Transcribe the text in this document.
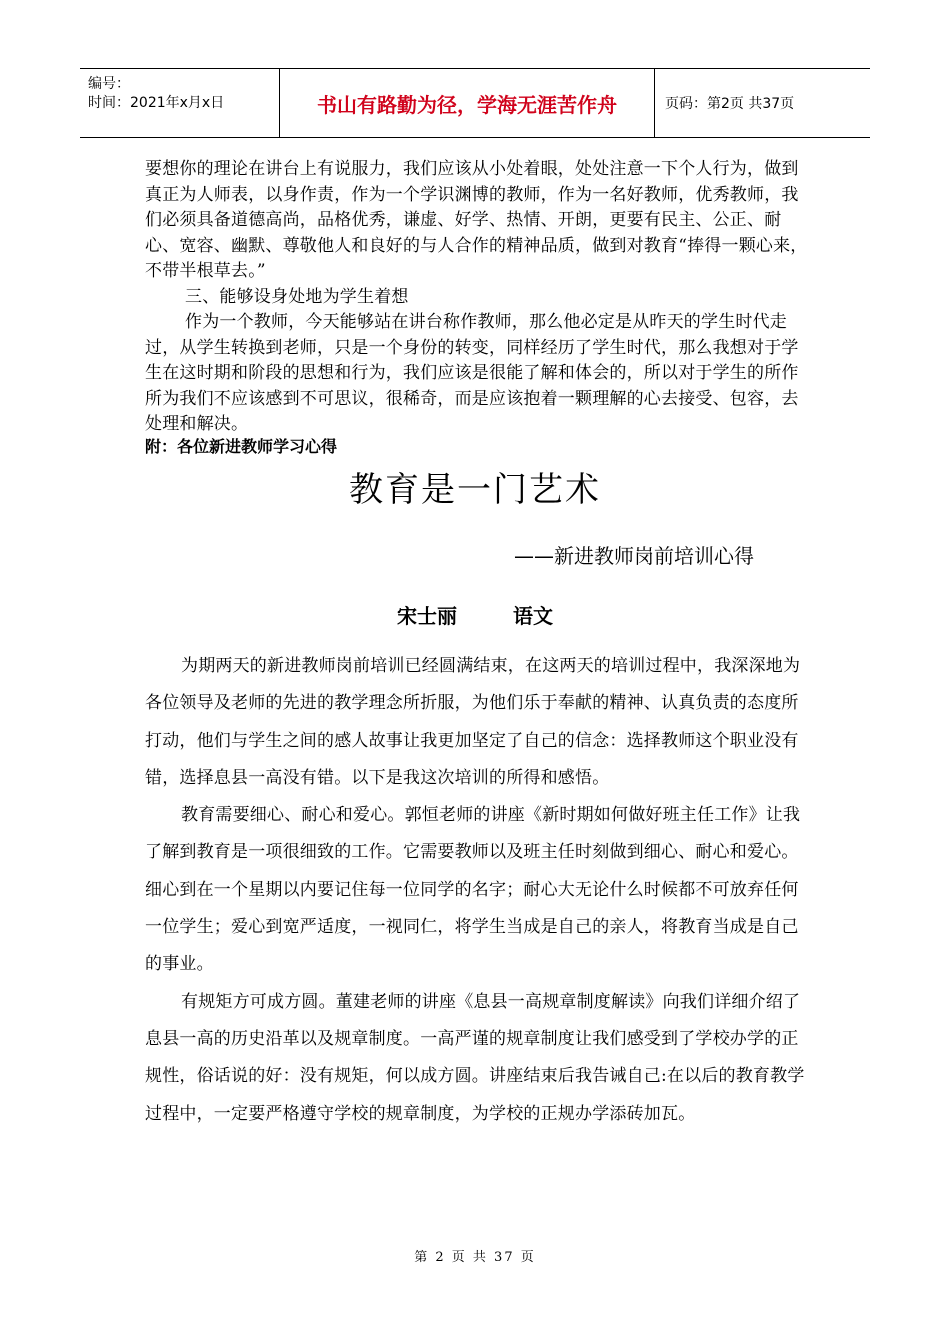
编号：
时间：2021年x月x日	书山有路勤为径，学海无涯苦作舟	页码：第2页 共37页

要想你的理论在讲台上有说服力，我们应该从小处着眼，处处注意一下个人行为，做到真正为人师表，以身作责，作为一个学识渊博的教师，作为一名好教师，优秀教师，我们必须具备道德高尚，品格优秀，谦虚、好学、热情、开朗，更要有民主、公正、耐心、宽容、幽默、尊敬他人和良好的与人合作的精神品质，做到对教育“捧得一颗心来，不带半根草去。”

三、能够设身处地为学生着想

作为一个教师，今天能够站在讲台称作教师，那么他必定是从昨天的学生时代走过，从学生转换到老师，只是一个身份的转变，同样经历了学生时代，那么我想对于学生在这时期和阶段的思想和行为，我们应该是很能了解和体会的，所以对于学生的所作所为我们不应该感到不可思议，很稀奇，而是应该抱着一颗理解的心去接受、包容，去处理和解决。

附：各位新进教师学习心得
教育是一门艺术
——新进教师岗前培训心得
宋士丽	语文

为期两天的新进教师岗前培训已经圆满结束，在这两天的培训过程中，我深深地为各位领导及老师的先进的教学理念所折服，为他们乐于奉献的精神、认真负责的态度所打动，他们与学生之间的感人故事让我更加坚定了自己的信念：选择教师这个职业没有错，选择息县一高没有错。以下是我这次培训的所得和感悟。

教育需要细心、耐心和爱心。郭恒老师的讲座《新时期如何做好班主任工作》让我了解到教育是一项很细致的工作。它需要教师以及班主任时刻做到细心、耐心和爱心。细心到在一个星期以内要记住每一位同学的名字；耐心大无论什么时候都不可放弃任何一位学生；爱心到宽严适度，一视同仁，将学生当成是自己的亲人，将教育当成是自己的事业。

有规矩方可成方圆。董建老师的讲座《息县一高规章制度解读》向我们详细介绍了息县一高的历史沿革以及规章制度。一高严谨的规章制度让我们感受到了学校办学的正规性，俗话说的好：没有规矩，何以成方圆。讲座结束后我告诫自己:在以后的教育教学过程中，一定要严格遵守学校的规章制度，为学校的正规办学添砖加瓦。

第 2 页 共 37 页
